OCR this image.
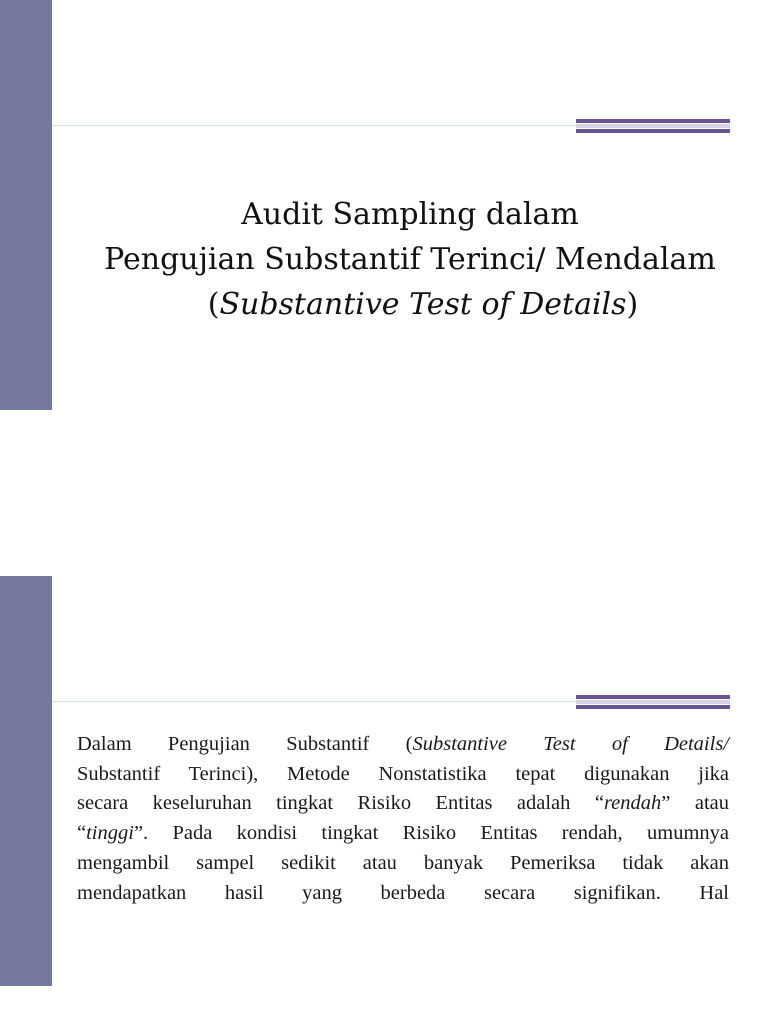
Audit Sampling dalam
Pengujian Substantif Terinci/ Mendalam
(Substantive Test of Details)
Dalam Pengujian Substantif (Substantive Test of Details/
Substantif Terinci), Metode Nonstatistika tepat digunakan jika
secara keseluruhan tingkat Risiko Entitas adalah “rendah” atau
“tinggi”. Pada kondisi tingkat Risiko Entitas rendah, umumnya
mengambil sampel sedikit atau banyak Pemeriksa tidak akan
mendapatkan hasil yang berbeda secara signifikan. Hal
